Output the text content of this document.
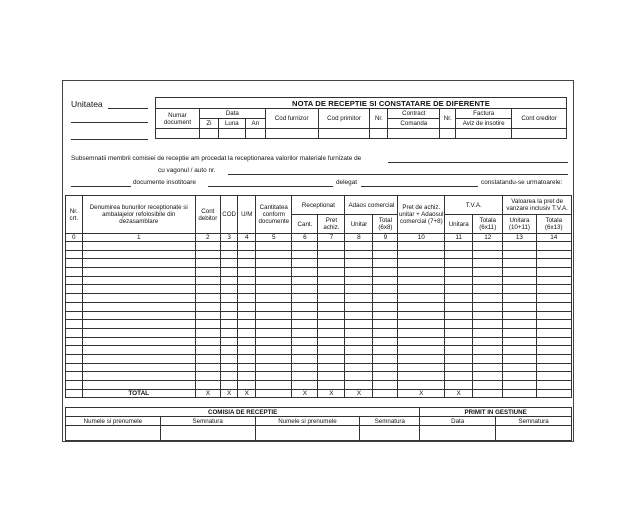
Unitatea	NOTA DE RECEPTIE SI CONSTATARE DE DIFERENTE										
Numar document	Data			Cod furnizor	Cod primitor	Nr.	Contract	Nr.	Factura	Cont creditor
	Zi	Luna	An				Comanda		Aviz de insotire	

Subsemnatii membrii comisiei de receptie am procedat la receptionarea valorilor materiale furnizate de
cu vagonul / auto nr.
documente insotitoare	delegat	constatandu-se urmatoarele:
Nr. crt.	Denumirea bunurilor receptionate si ambalajelor refolosibile din dezasamblare	Cont debitor	COD	U/M	Cantitatea conform documente	Receptionat		Adaos comercial		Pret de achiz. unitar + Adaosul comercial (7+8)	T.V.A.		Valoarea la pret de vanzare inclusiv T.V.A.	
						Cant.	Pret achiz.	Unitar	Total (6x8)		Unitara	Totala (6x11)	Unitara (10+11)	Totala (6x13)
0	1	2	3	4	5	6	7	8	9	10	11	12	13	14

	TOTAL	X	X	X		X	X	X		X	X			
COMISIA DE RECEPTIE				PRIMIT IN GESTIUNE	
Numele si prenumele	Semnatura	Numele si prenumele	Semnatura	Data	Semnatura
